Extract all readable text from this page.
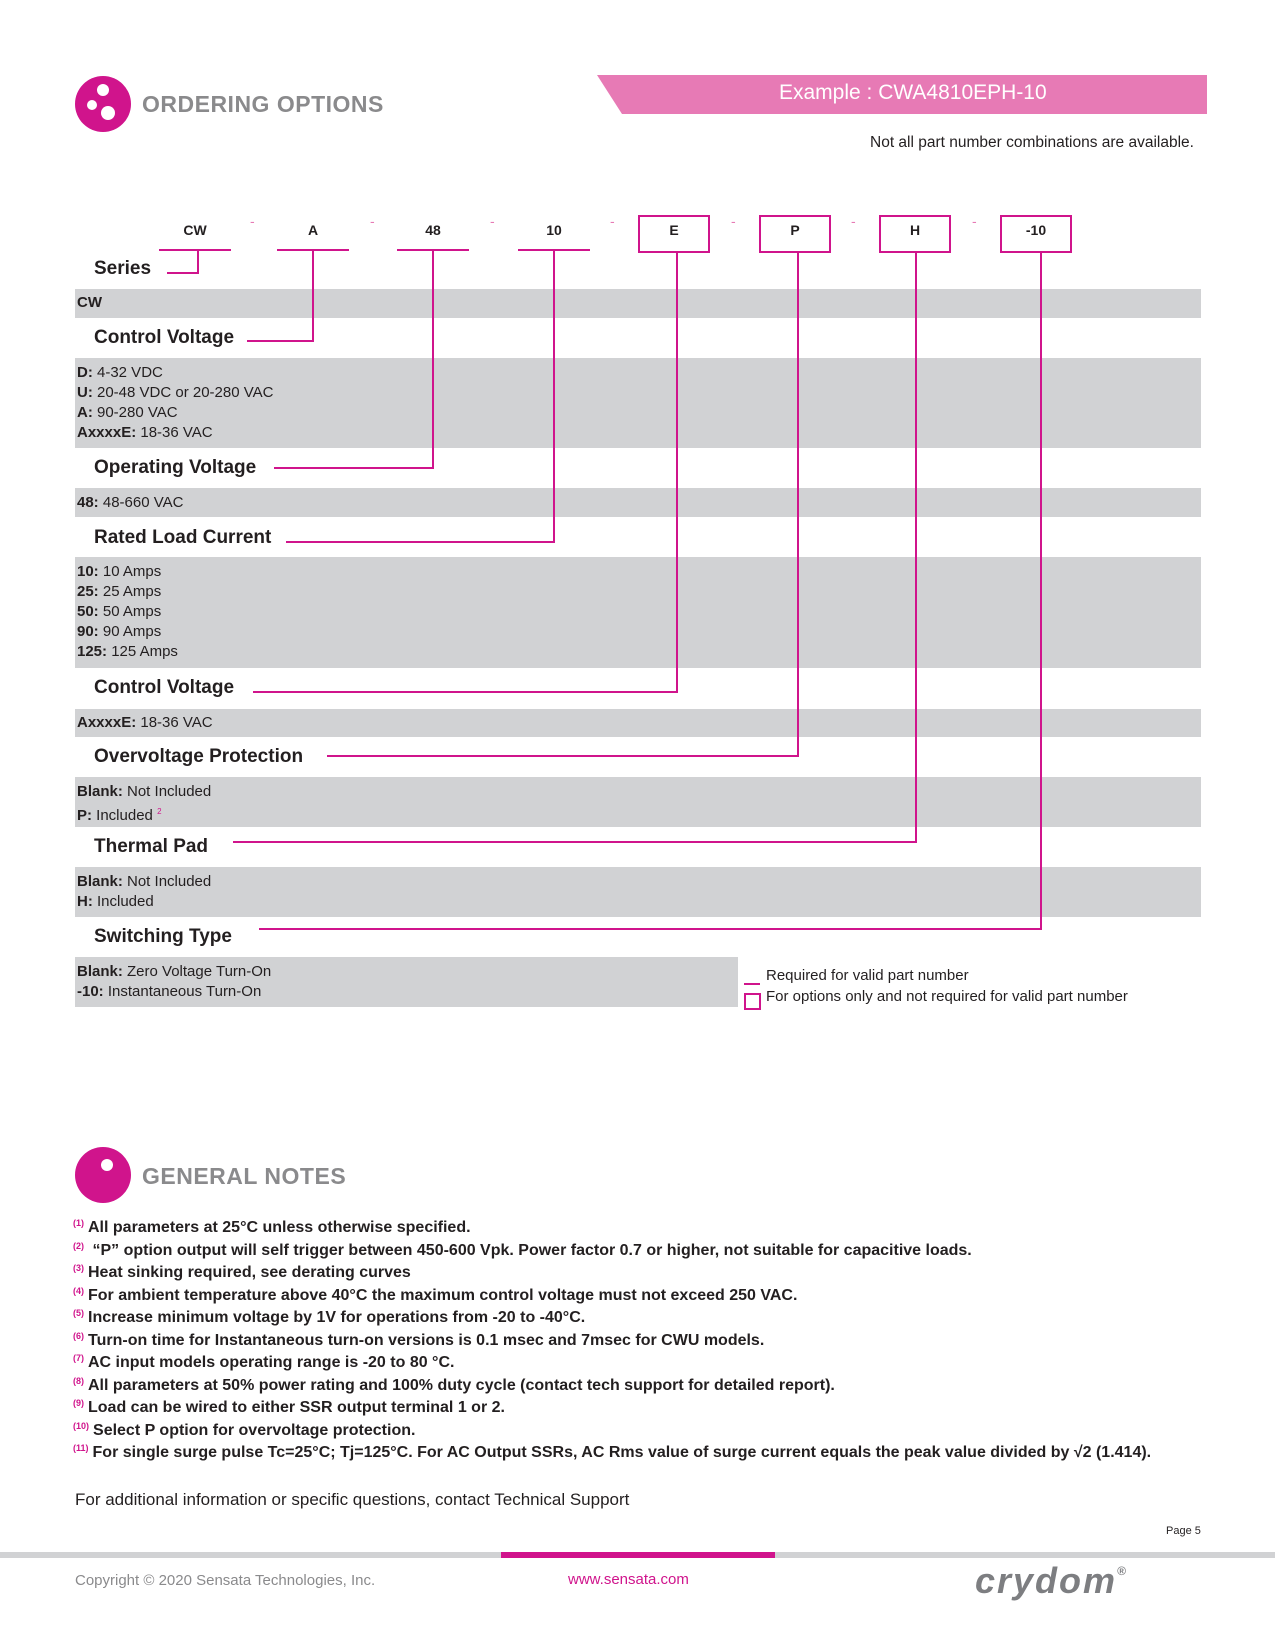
ORDERING OPTIONS	Example : CWA4810EPH-10
Not all part number combinations are available.
CW
-
A
-
48
-
10
-
E
-
P
-
H
-
-10
Series
Control Voltage
Operating Voltage
Rated Load Current
Control Voltage
Overvoltage Protection
Thermal Pad
Switching Type
CW
D: 4-32 VDC
U: 20-48 VDC or 20-280 VAC
A: 90-280 VAC
AxxxxE: 18-36 VAC
48: 48-660 VAC
10: 10 Amps
25: 25 Amps
50: 50 Amps
90: 90 Amps
125: 125 Amps
AxxxxE: 18-36 VAC
Blank: Not Included
P: Included $^2$
Blank: Not Included
H: Included
Blank: Zero Voltage Turn-On
-10: Instantaneous Turn-On
Required for valid part number
For options only and not required for valid part number
GENERAL NOTES
$^{(1)}$ All parameters at 25°C unless otherwise specified.
$^{(2)}$ “P” option output will self trigger between 450-600 Vpk. Power factor 0.7 or higher, not suitable for capacitive loads.
$^{(3)}$ Heat sinking required, see derating curves
$^{(4)}$ For ambient temperature above 40°C the maximum control voltage must not exceed 250 VAC.
$^{(5)}$ Increase minimum voltage by 1V for operations from -20 to -40°C.
$^{(6)}$ Turn-on time for Instantaneous turn-on versions is 0.1 msec and 7msec for CWU models.
$^{(7)}$ AC input models operating range is -20 to 80 °C.
$^{(8)}$ All parameters at 50% power rating and 100% duty cycle (contact tech support for detailed report).
$^{(9)}$ Load can be wired to either SSR output terminal 1 or 2.
$^{(10)}$ Select P option for overvoltage protection.
$^{(11)}$ For single surge pulse Tc=25°C; Tj=125°C. For AC Output SSRs, AC Rms value of surge current equals the peak value divided by √2 (1.414).
For additional information or specific questions, contact Technical Support
Page 5
Copyright © 2020 Sensata Technologies, Inc.	www.sensata.com	crydom®
